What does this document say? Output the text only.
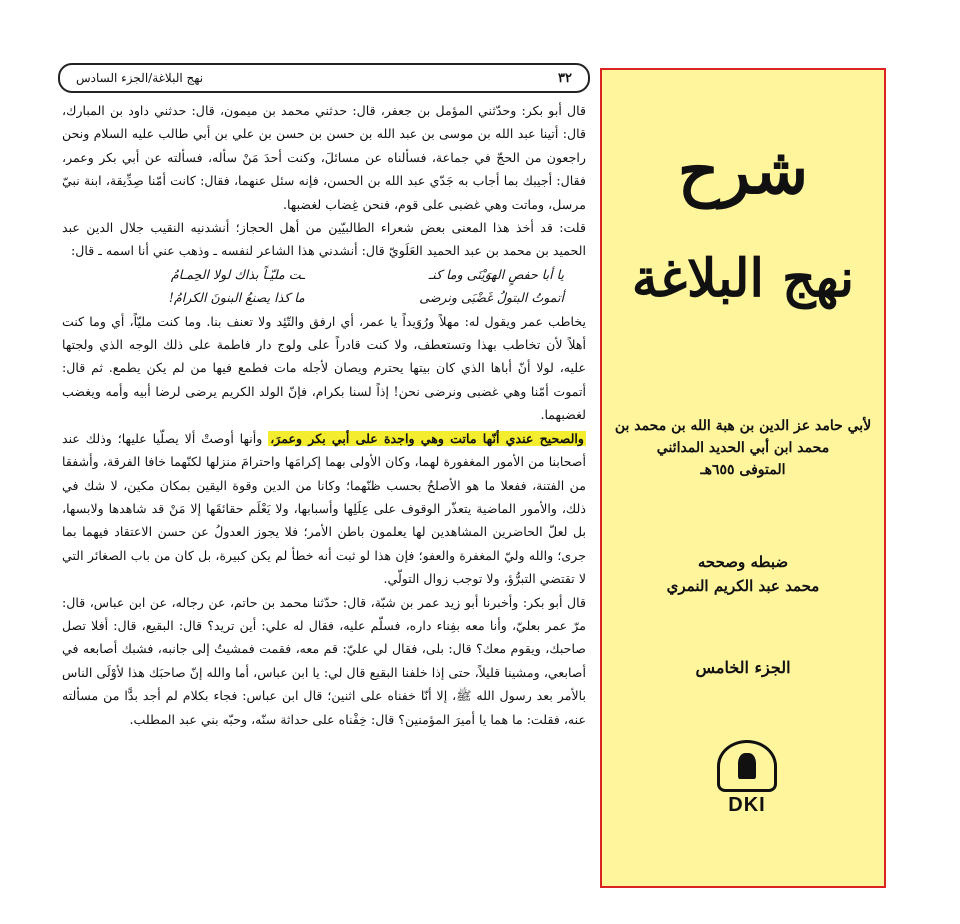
٣٢
نهج البلاغة/الجزء السادس

قال أبو بكر: وحدّثني المؤمل بن جعفر، قال: حدثني محمد بن ميمون، قال: حدثني داود بن المبارك، قال: أتينا عبد الله بن موسى بن عبد الله بن حسن بن حسن بن علي بن أبي طالب عليه السلام ونحن راجعون من الحجّ في جماعة، فسألناه عن مسائلَ، وكنت أحدَ مَنْ سأله، فسألته عن أبي بكر وعمر، فقال: أجيبك بما أجاب به جَدّي عبد الله بن الحسن، فإنه سئل عنهما، فقال: كانت أمّنا صِدِّيقة، ابنة نبيّ مرسل، وماتت وهي غضبى على قوم، فنحن غِضاب لغضبها.

قلت: قد أخذ هذا المعنى بعض شعراء الطالبيّين من أهل الحجاز؛ أنشدنيه النقيب جلال الدين عبد الحميد بن محمد بن عبد الحميد العَلَويّ قال: أنشدني هذا الشاعر لنفسه ـ وذهب عني أنا اسمه ـ قال:

يا أبا حفصٍ الهوَيْنَى وما كنـ
ـت مليّـاً بذاك لولا الحِمـامُ
أتموتُ البتولُ غَضْبَى ونرضى
ما كذا يصنعُ البنونَ الكرامُ!

يخاطب عمر ويقول له: مهلاً ورُوَيداً يا عمر، أي ارفق والتّئِد ولا تعنف بنا. وما كنت مليّاً، أي وما كنت أهلاً لأن تخاطب بهذا وتستعطف، ولا كنت قادراً على ولوج دار فاطمة على ذلك الوجه الذي ولجتها عليه، لولا أنّ أباها الذي كان بيتها يحترم ويصان لأجله مات فطمع فيها من لم يكن يطمع. ثم قال: أتموت أمّنا وهي غضبى ونرضى نحن! إذاً لسنا بكرام، فإنّ الولد الكريم يرضى لرضا أبيه وأمه ويغضب لغضبهما.

والصحيح عندي أنّها ماتت وهي واجدة على أبي بكر وعمرَ، وأنها أوصتْ ألا يصلّيا عليها؛ وذلك عند أصحابنا من الأمور المغفورة لهما، وكان الأولى بهما إكرامَها واحترامَ منزلها لكنّهما خافا الفرقة، وأشفقا من الفتنة، ففعلا ما هو الأصلحُ بحسب ظنّهما؛ وكانا من الدين وقوة اليقين بمكان مكين، لا شك في ذلك، والأمور الماضية يتعذّر الوقوف على عِلَلِها وأسبابها، ولا يَعْلَم حقائقَها إلا مَنْ قد شاهدها ولابسها، بل لعلّ الحاضرين المشاهدين لها يعلمون باطن الأمر؛ فلا يجوز العدولُ عن حسن الاعتقاد فيهما بما جرى؛ والله وليّ المغفرة والعفو؛ فإن هذا لو ثبت أنه خطأ لم يكن كبيرة، بل كان من باب الصغائر التي لا تقتضي التبرُّؤ، ولا توجب زوال التولّي.

قال أبو بكر: وأخبرنا أبو زيد عمر بن شبّة، قال: حدّثنا محمد بن حاتم، عن رجاله، عن ابن عباس، قال: مرّ عمر بعليّ، وأنا معه بفِناء داره، فسلّم عليه، فقال له علي: أين تريد؟ قال: البقيع، قال: أفلا تصل صاحبك، ويقوم معك؟ قال: بلى، فقال لي عليّ: قم معه، فقمت فمشيتُ إلى جانبه، فشبك أصابعه في أصابعي، ومشينا قليلاً، حتى إذا خلفنا البقيع قال لي: يا ابن عباس، أما والله إنّ صاحبَك هذا لأوْلَى الناس بالأمر بعد رسول الله ﷺ، إلا أنّا خفناه على اثنين؛ قال ابن عباس: فجاء بكلام لم أجد بدًّا من مسألته عنه، فقلت: ما هما يا أميرَ المؤمنين؟ قال: خِفْناه على حداثة سنّه، وحبّه بني عبد المطلب.

شرح
نهج البلاغة
لأبي حامد عز الدين بن هبة الله بن محمد بن محمد ابن أبي الحديد المدائني
المتوفى ٦٥٥هـ
ضبطه وصححه
محمد عبد الكريم النمري
الجزء الخامس
DKI
